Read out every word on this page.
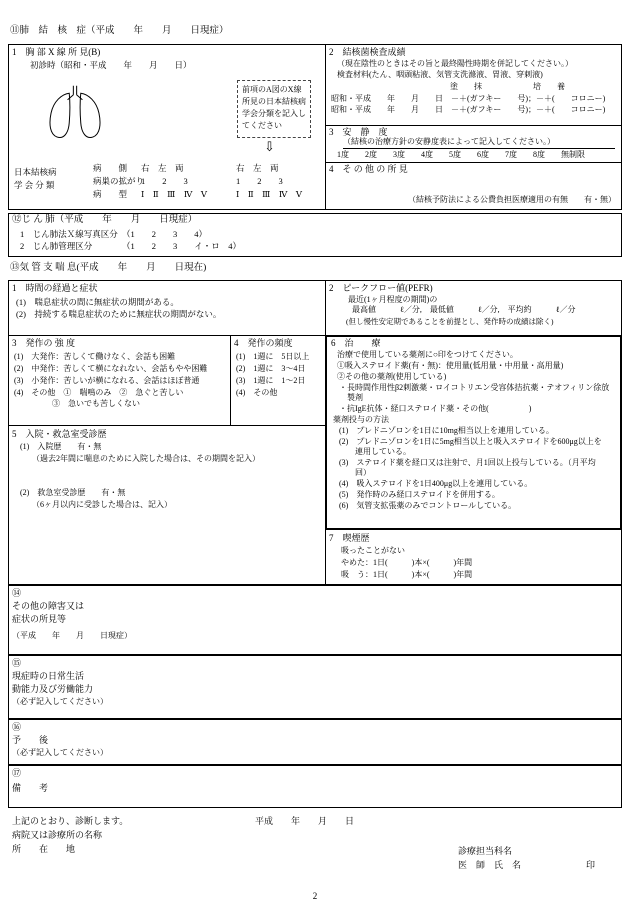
⑪肺　結　核　症（平成　　年　　月　　日現症）
1　胸 部 X 線 所 見(B)
初診時（昭和・平成　　年　　月　　日）
前項のA図のX線所見の日本結核病学会分類を記入してください
⇩
日本結核病
学 会 分 類
病　　側 右　左　両	右　左　両
病巣の拡がり
1　　2　　3	1　　2　　3
病　　型 Ⅰ　Ⅱ　Ⅲ　Ⅳ　Ⅴ	Ⅰ　Ⅱ　Ⅲ　Ⅳ　Ⅴ
2　結核菌検査成績
（現在陰性のときはその旨と最終陽性時期を併記してください。）
検査材料(たん、咽頭粘液、気管支洗滌液、胃液、穿刺液)
塗　　抹	培　　養
昭和・平成　　年　　月　　日　－＋(ガフキー　　号)；－＋(　　コロニー)
昭和・平成　　年　　月　　日　－＋(ガフキー　　号)；－＋(　　コロニー)
3　安　静　度
（結核の治療方針の安静度表によって記入してください。）
1度　　2度　　3度　　4度　　5度　　6度　　7度　　8度　　無制限
4　そ の 他 の 所 見
（結核予防法による公費負担医療適用の有無　　有・無）
⑫じ ん 肺（平成　　年　　月　　日現症）
1　じん肺法Ｘ線写真区分　（1　　2　　3　　4）
2　じん肺管理区分　　　　（1　　2　　3　　イ・ロ　4）
⑬気 管 支 喘 息(平成　　年　　月　　日現在)
1　時間の経過と症状
(1)　喘息症状の間に無症状の期間がある。
(2)　持続する喘息症状のために無症状の期間がない。
2　ピークフロー値(PEFR)
最近(1ヶ月程度の期間)の
最高値　　　ℓ／分,　最低値　　　ℓ／分,　平均約　　　ℓ／分
(但し慢性安定期であることを前提とし、発作時の成績は除く)
3　発作の 強 度
(1)　大発作：苦しくて働けなく、会話も困難
(2)　中発作：苦しくて横になれない、会話もやや困難
(3)　小発作：苦しいが横になれる、会話はほぼ普通
(4)　その他　①　喘鳴のみ　②　急ぐと苦しい
③　急いでも苦しくない
4　発作の頻度
(1)　1週に　5日以上
(2)　1週に　3～4日
(3)　1週に　1～2日
(4)　その他
6　治　　療
治療で使用している薬剤に○印をつけてください。
①吸入ステロイド薬(有・無)：使用量(低用量・中用量・高用量)
②その他の薬剤(使用している)
・長時間作用性β2刺激薬・ロイコトリエン受容体拮抗薬・テオフィリン徐放
製剤
・抗IgE抗体・経口ステロイド薬・その他(　　　　　)
薬剤投与の方法
(1)　プレドニゾロンを1日に10mg相当以上を連用している。
(2)　プレドニゾロンを1日に5mg相当以上と吸入ステロイドを600μg以上を
連用している。
(3)　ステロイド薬を経口又は注射で、月1回以上投与している。（月平均
回）
(4)　吸入ステロイドを1日400μg以上を連用している。
(5)　発作時のみ経口ステロイドを併用する。
(6)　気管支拡張薬のみでコントロールしている。
5　入院・救急室受診歴
(1)　入院歴　　有・無
（過去2年間に喘息のために入院した場合は、その期間を記入）
(2)　救急室受診歴　　有・無
（6ヶ月以内に受診した場合は、記入）
7　喫煙歴
吸ったことがない
やめた：1日(　　　)本×(　　　)年間
吸　う：1日(　　　)本×(　　　)年間
⑭
その他の障害又は
症状の所見等
（平成　　年　　月　　日現症）
⑮
現症時の日常生活
動能力及び労働能力
（必ず記入してください）
⑯
予　　後
（必ず記入してください）
⑰
備　　考
上記のとおり、診断します。	平成　　年　　月　　日
病院又は診療所の名称
所　　在　　地	診療担当科名
医　師　氏　名	印
2
